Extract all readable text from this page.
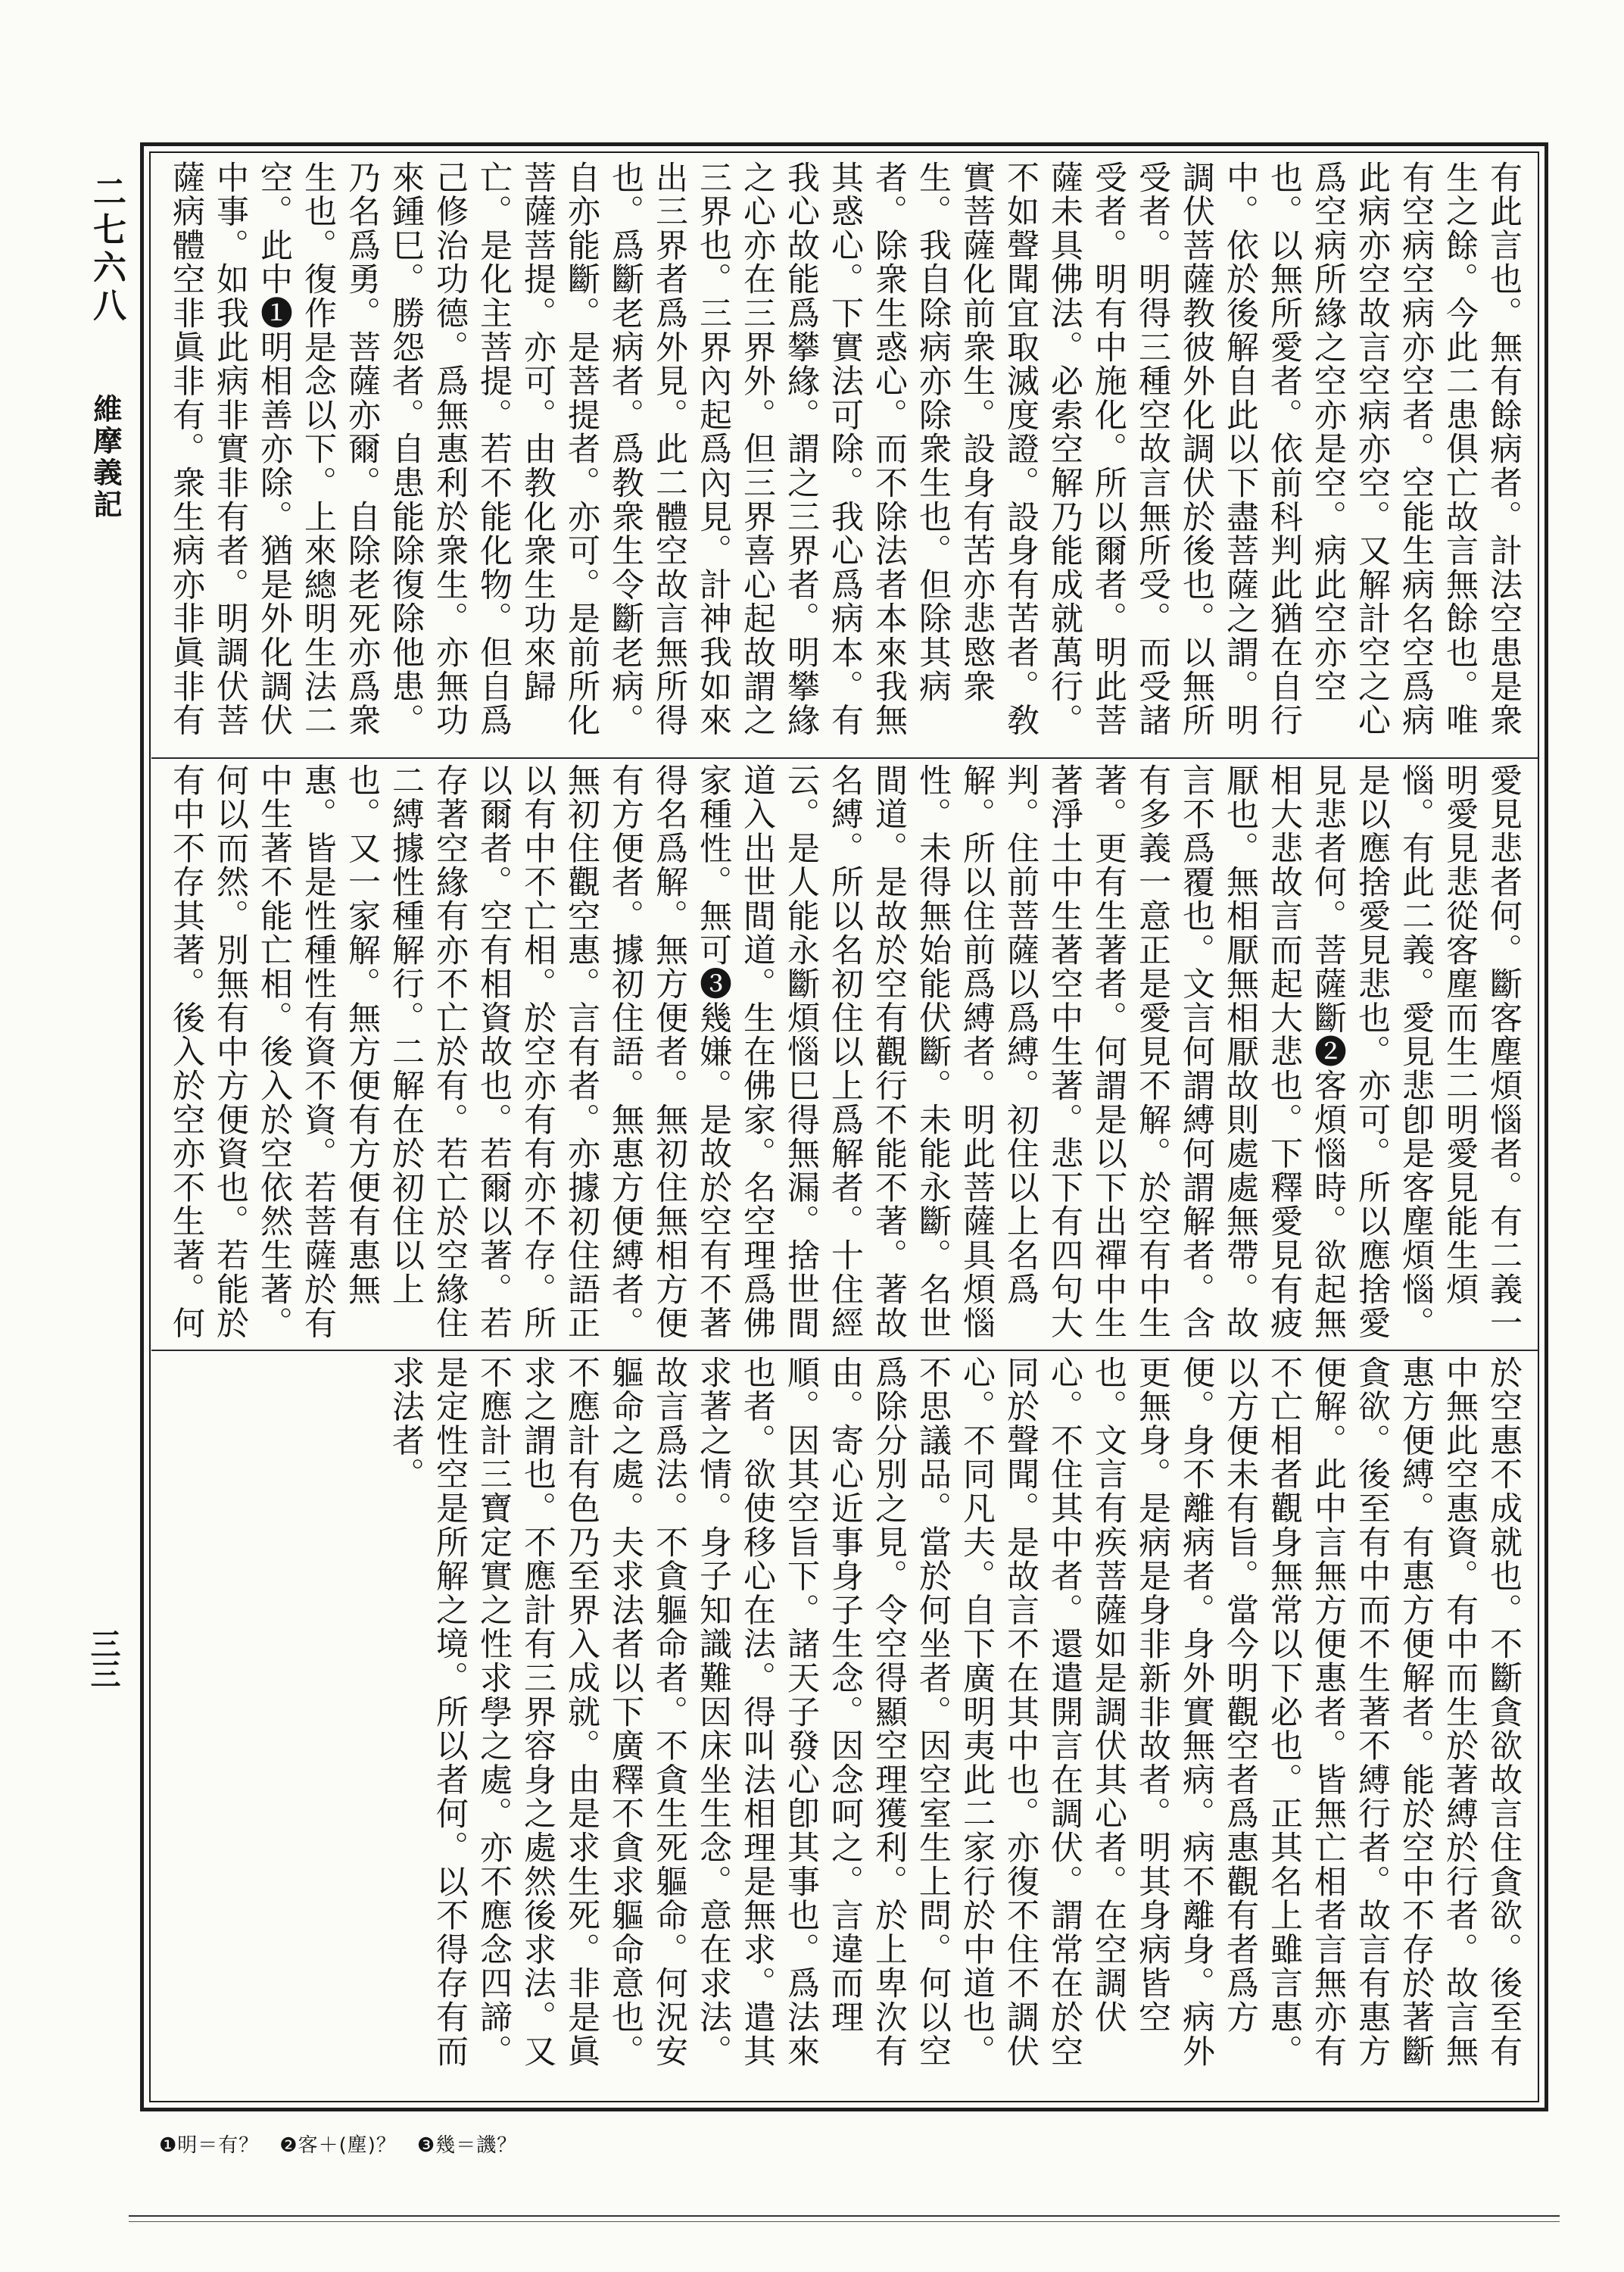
二七六八
維摩義記
三三

有此言也。無有餘病者。計法空患是衆生之餘。今此二患俱亡故言無餘也。唯有空病空病亦空者。空能生病名空爲病此病亦空故言空病亦空。又解計空之心爲空病所緣之空亦是空。病此空亦空也。以無所愛者。依前科判此猶在自行中。依於後解自此以下盡菩薩之謂。明調伏菩薩教彼外化調伏於後也。以無所受者。明得三種空故言無所受。而受諸受者。明有中施化。所以爾者。明此菩薩未具佛法。必索空解乃能成就萬行。不如聲聞宜取滅度證。設身有苦者。敎實菩薩化前衆生。設身有苦亦悲愍衆生。我自除病亦除衆生也。但除其病者。除衆生惑心。而不除法者本來我無其惑心。下實法可除。我心爲病本。有我心故能爲攀緣。謂之三界者。明攀緣之心亦在三界外。但三界喜心起故謂之三界也。三界內起爲內見。計神我如來出三界者爲外見。此二體空故言無所得也。爲斷老病者。爲教衆生令斷老病。自亦能斷。是菩提者。亦可。是前所化菩薩菩提。亦可。由教化衆生功來歸亡。是化主菩提。若不能化物。但自爲己修治功德。爲無惠利於衆生。亦無功來鍾巳。勝怨者。自患能除復除他患。乃名爲勇。菩薩亦爾。自除老死亦爲衆生也。復作是念以下。上來總明生法二空。此中❶明相善亦除。猶是外化調伏中事。如我此病非實非有者。明調伏菩薩病體空非眞非有。衆生病亦非眞非有

愛見悲者何。斷客塵煩惱者。有二義一明愛見悲從客塵而生二明愛見能生煩惱。有此二義。愛見悲卽是客塵煩惱。是以應捨愛見悲也。亦可。所以應捨愛見悲者何。菩薩斷❷客煩惱時。欲起無相大悲故言而起大悲也。下釋愛見有疲厭也。無相厭無相厭故則處處無帶。故言不爲覆也。文言何謂縛何謂解者。含有多義一意正是愛見不解。於空有中生著。更有生著者。何謂是以下出禪中生著淨土中生著空中生著。悲下有四句大判。住前菩薩以爲縛。初住以上名爲解。所以住前爲縛者。明此菩薩具煩惱性。未得無始能伏斷。未能永斷。名世間道。是故於空有觀行不能不著。著故名縛。所以名初住以上爲解者。十住經云。是人能永斷煩惱巳得無漏。捨世間道入出世間道。生在佛家。名空理爲佛家種性。無可❸幾嫌。是故於空有不著得名爲解。無方便者。無初住無相方便有方便者。據初住語。無惠方便縛者。無初住觀空惠。言有者。亦據初住語正以有中不亡相。於空亦有有亦不存。所以爾者。空有相資故也。若爾以著。若存著空緣有亦不亡於有。若亡於空緣住二縛據性種解行。二解在於初住以上也。又一家解。無方便有方便有惠無惠。皆是性種性有資不資。若菩薩於有中生著不能亡相。後入於空依然生著。何以而然。別無有中方便資也。若能於有中不存其著。後入於空亦不生著。何

於空惠不成就也。不斷貪欲故言住貪欲。後至有中無此空惠資。有中而生於著縛於行者。故言無惠方便縛。有惠方便解者。能於空中不存於著斷貪欲。後至有中而不生著不縛行者。故言有惠方便解。此中言無方便惠者。皆無亡相者言無亦有不亡相者觀身無常以下必也。正其名上雖言惠。以方便未有旨。當今明觀空者爲惠觀有者爲方便。身不離病者。身外實無病。病不離身。病外更無身。是病是身非新非故者。明其身病皆空也。文言有疾菩薩如是調伏其心者。在空調伏心。不住其中者。還遣開言在調伏。謂常在於空同於聲聞。是故言不在其中也。亦復不住不調伏心。不同凡夫。自下廣明夷此二家行於中道也。不思議品。當於何坐者。因空室生上問。何以空爲除分別之見。令空得顯空理獲利。於上卑㳄有由。寄心近事身子生念。因念呵之。言違而理順。因其空旨下。諸天子發心卽其事也。爲法來也者。欲使移心在法。得叫法相理是無求。遣其求著之情。身子知識難因床坐生念。意在求法。故言爲法。不貪軀命者。不貪生死軀命。何況安軀命之處。夫求法者以下廣釋不貪求軀命意也。不應計有色乃至界入成就。由是求生死。非是眞求之謂也。不應計有三界容身之處然後求法。又不應計三寶定實之性求學之處。亦不應念四諦。是定性空是所解之境。所以者何。以不得存有而求法者。

❶明＝有？　❷客＋(塵)？　❸幾＝譏？
